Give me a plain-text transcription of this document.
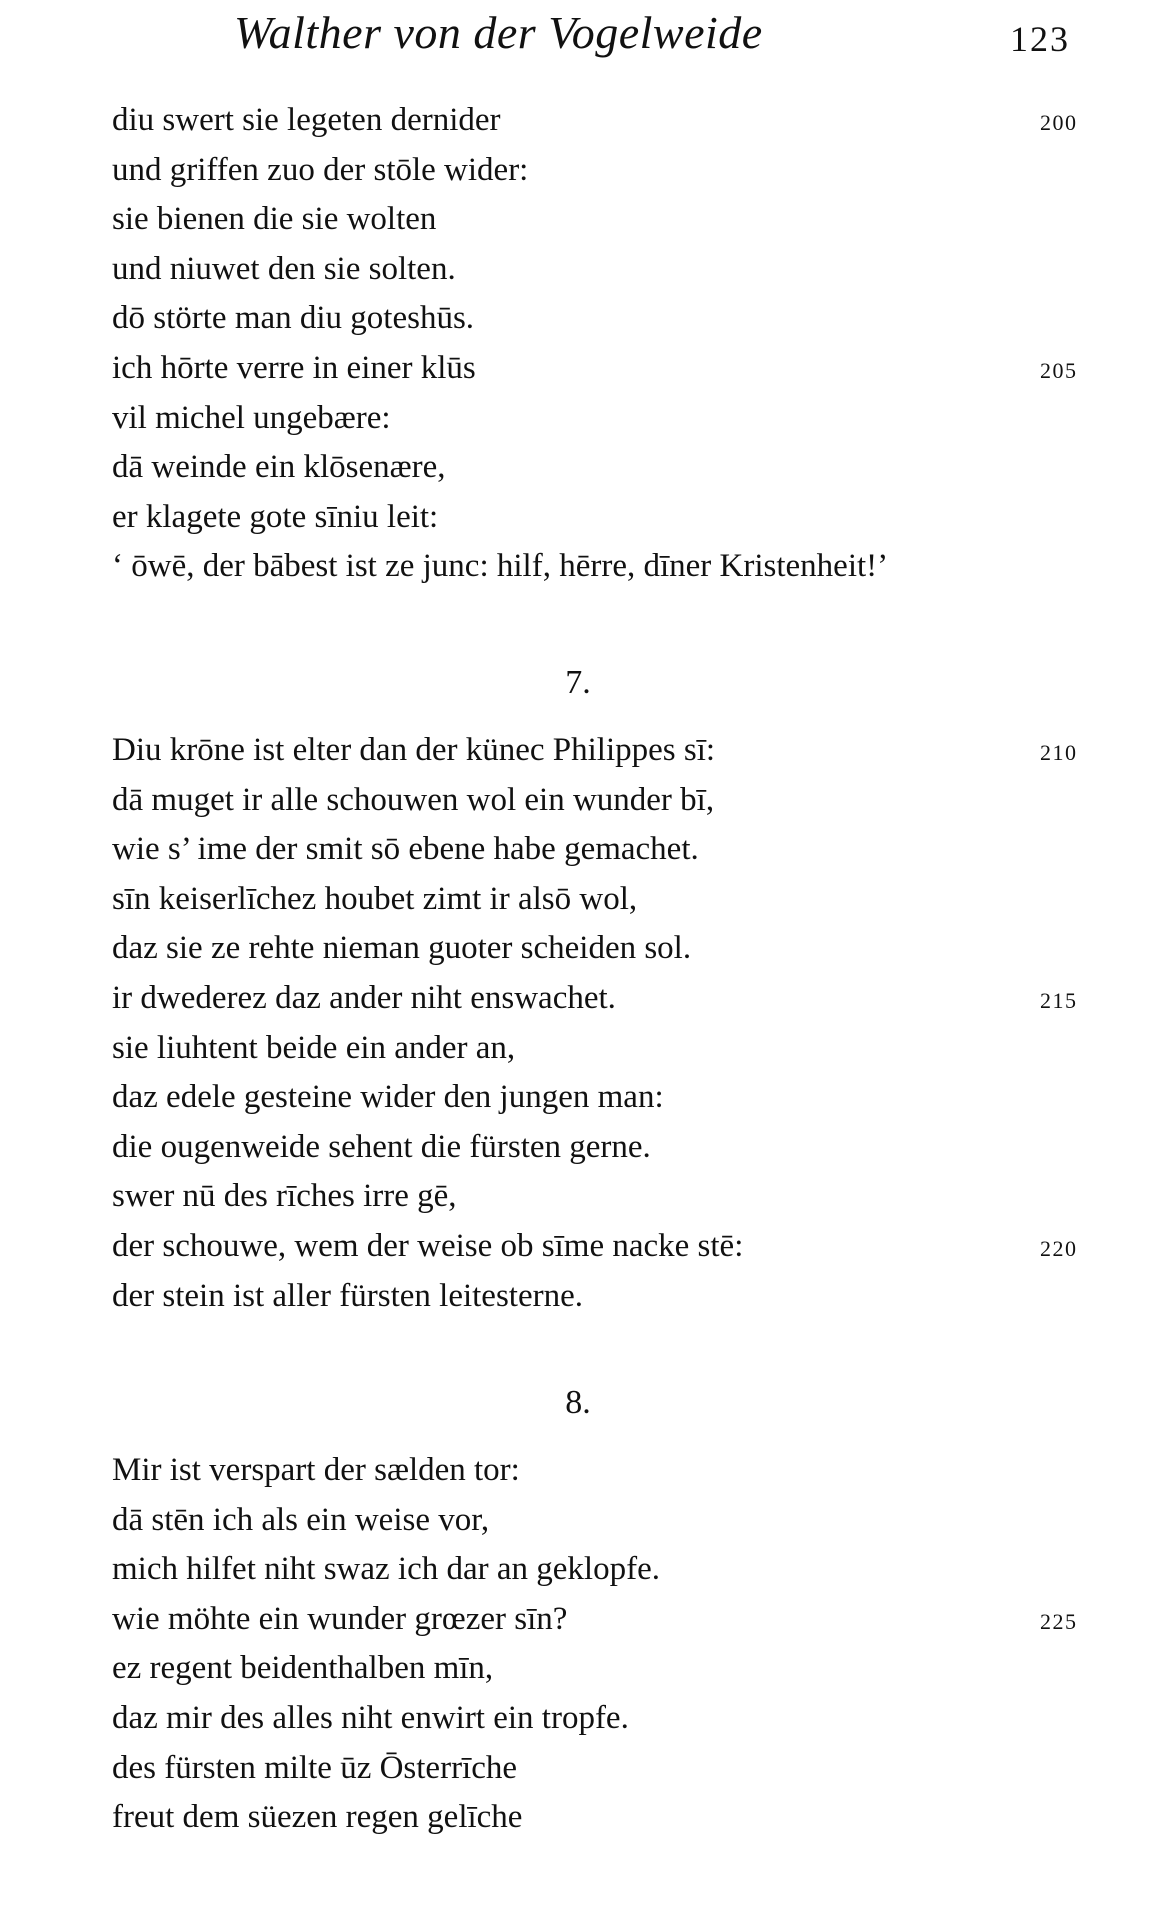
Walther von der Vogelweide	123
diu swert sie legeten dernider	200
und griffen zuo der stōle wider:
sie bienen die sie wolten
und niuwet den sie solten.
dō störte man diu goteshūs.
ich hōrte verre in einer klūs	205
vil michel ungebære:
dā weinde ein klōsenære,
er klagete gote sīniu leit:
‘ ōwē, der bābest ist ze junc: hilf, hērre, dīner Kristenheit!’
7.
Diu krōne ist elter dan der künec Philippes sī:	210
dā muget ir alle schouwen wol ein wunder bī,
wie s’ ime der smit sō ebene habe gemachet.
sīn keiserlīchez houbet zimt ir alsō wol,
daz sie ze rehte nieman guoter scheiden sol.
ir dwederez daz ander niht enswachet.	215
sie liuhtent beide ein ander an,
daz edele gesteine wider den jungen man:
die ougenweide sehent die fürsten gerne.
swer nū des rīches irre gē,
der schouwe, wem der weise ob sīme nacke stē:	220
der stein ist aller fürsten leitesterne.
8.
Mir ist verspart der sælden tor:
dā stēn ich als ein weise vor,
mich hilfet niht swaz ich dar an geklopfe.
wie möhte ein wunder grœzer sīn?	225
ez regent beidenthalben mīn,
daz mir des alles niht enwirt ein tropfe.
des fürsten milte ūz Ōsterrīche
freut dem süezen regen gelīche
